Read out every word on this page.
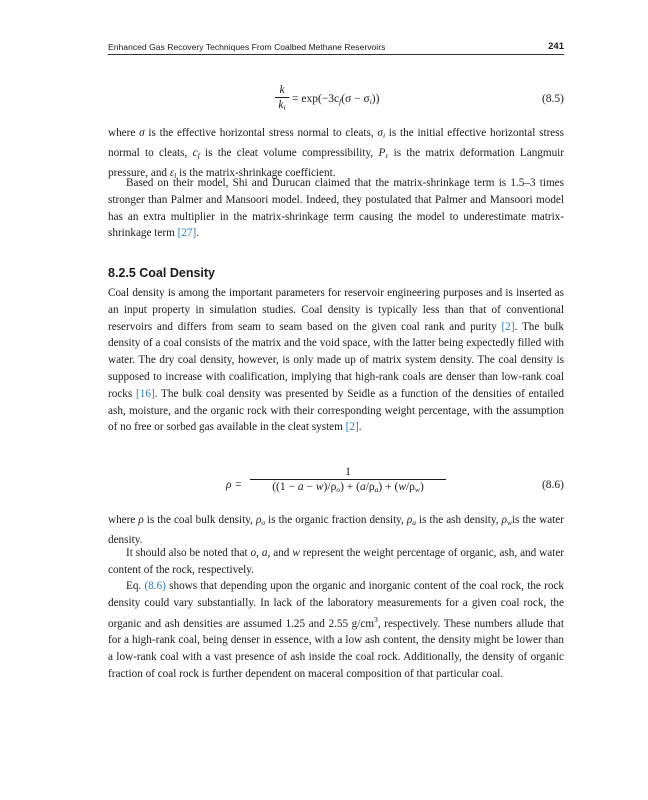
Enhanced Gas Recovery Techniques From Coalbed Methane Reservoirs	241
k
$k_i$
= $\exp(-3c_f(\sigma - \sigma_i))$	(8.5)

where σ is the effective horizontal stress normal to cleats, $\sigma_i$ is the initial effective horizontal stress normal to cleats, $c_f$ is the cleat volume compressibility, $P_\varepsilon$ is the matrix deformation Langmuir pressure, and $\varepsilon_l$ is the matrix-shrinkage coefficient.

Based on their model, Shi and Durucan claimed that the matrix-shrinkage term is 1.5–3 times stronger than Palmer and Mansoori model. Indeed, they postulated that Palmer and Mansoori model has an extra multiplier in the matrix-shrinkage term causing the model to underestimate matrix-shrinkage term [27].

8.2.5 Coal Density

Coal density is among the important parameters for reservoir engineering purposes and is inserted as an input property in simulation studies. Coal density is typically less than that of conventional reservoirs and differs from seam to seam based on the given coal rank and purity [2]. The bulk density of a coal consists of the matrix and the void space, with the latter being expectedly filled with water. The dry coal density, however, is only made up of matrix system density. The coal density is supposed to increase with coalification, implying that high-rank coals are denser than low-rank coal rocks [16]. The bulk coal density was presented by Seidle as a function of the densities of entailed ash, moisture, and the organic rock with their corresponding weight percentage, with the assumption of no free or sorbed gas available in the cleat system [2].

ρ =
1
$((1 - a - w)/\rho_o) + (a/\rho_a) + (w/\rho_w)$	(8.6)

where ρ is the coal bulk density, $\rho_o$ is the organic fraction density, $\rho_a$ is the ash density, $\rho_wis$ the water density.

It should also be noted that o, a, and w represent the weight percentage of organic, ash, and water content of the rock, respectively.

Eq. (8.6) shows that depending upon the organic and inorganic content of the coal rock, the rock density could vary substantially. In lack of the laboratory measurements for a given coal rock, the organic and ash densities are assumed 1.25 and 2.55 $g/cm^3$, respectively. These numbers allude that for a high-rank coal, being denser in essence, with a low ash content, the density might be lower than a low-rank coal with a vast presence of ash inside the coal rock. Additionally, the density of organic fraction of coal rock is further dependent on maceral composition of that particular coal.
